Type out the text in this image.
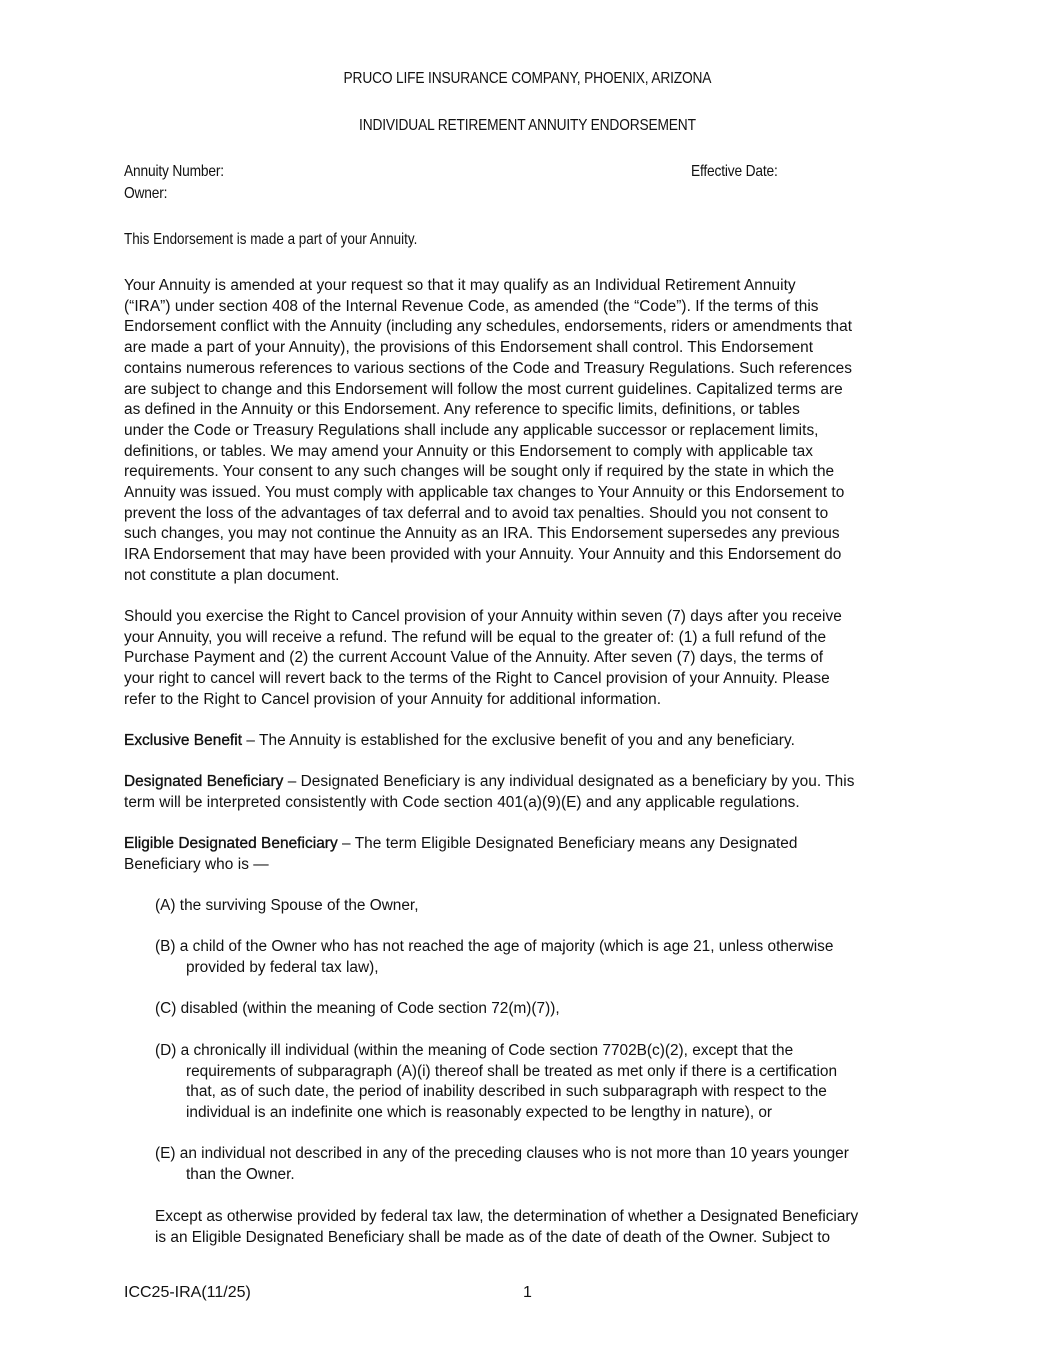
PRUCO LIFE INSURANCE COMPANY, PHOENIX, ARIZONA
INDIVIDUAL RETIREMENT ANNUITY ENDORSEMENT
Annuity Number:	Effective Date:
Owner:
This Endorsement is made a part of your Annuity.
Your Annuity is amended at your request so that it may qualify as an Individual Retirement Annuity
(“IRA”) under section 408 of the Internal Revenue Code, as amended (the “Code”). If the terms of this
Endorsement conflict with the Annuity (including any schedules, endorsements, riders or amendments that
are made a part of your Annuity), the provisions of this Endorsement shall control. This Endorsement
contains numerous references to various sections of the Code and Treasury Regulations. Such references
are subject to change and this Endorsement will follow the most current guidelines. Capitalized terms are
as defined in the Annuity or this Endorsement. Any reference to specific limits, definitions, or tables
under the Code or Treasury Regulations shall include any applicable successor or replacement limits,
definitions, or tables. We may amend your Annuity or this Endorsement to comply with applicable tax
requirements. Your consent to any such changes will be sought only if required by the state in which the
Annuity was issued. You must comply with applicable tax changes to Your Annuity or this Endorsement to
prevent the loss of the advantages of tax deferral and to avoid tax penalties. Should you not consent to
such changes, you may not continue the Annuity as an IRA. This Endorsement supersedes any previous
IRA Endorsement that may have been provided with your Annuity. Your Annuity and this Endorsement do
not constitute a plan document.
Should you exercise the Right to Cancel provision of your Annuity within seven (7) days after you receive
your Annuity, you will receive a refund. The refund will be equal to the greater of: (1) a full refund of the
Purchase Payment and (2) the current Account Value of the Annuity. After seven (7) days, the terms of
your right to cancel will revert back to the terms of the Right to Cancel provision of your Annuity. Please
refer to the Right to Cancel provision of your Annuity for additional information.
Exclusive Benefit – The Annuity is established for the exclusive benefit of you and any beneficiary.
Designated Beneficiary – Designated Beneficiary is any individual designated as a beneficiary by you. This
term will be interpreted consistently with Code section 401(a)(9)(E) and any applicable regulations.
Eligible Designated Beneficiary – The term Eligible Designated Beneficiary means any Designated
Beneficiary who is —
(A) the surviving Spouse of the Owner,
(B) a child of the Owner who has not reached the age of majority (which is age 21, unless otherwise
provided by federal tax law),
(C) disabled (within the meaning of Code section 72(m)(7)),
(D) a chronically ill individual (within the meaning of Code section 7702B(c)(2), except that the
requirements of subparagraph (A)(i) thereof shall be treated as met only if there is a certification
that, as of such date, the period of inability described in such subparagraph with respect to the
individual is an indefinite one which is reasonably expected to be lengthy in nature), or
(E) an individual not described in any of the preceding clauses who is not more than 10 years younger
than the Owner.
Except as otherwise provided by federal tax law, the determination of whether a Designated Beneficiary
is an Eligible Designated Beneficiary shall be made as of the date of death of the Owner. Subject to
ICC25-IRA(11/25)	1
